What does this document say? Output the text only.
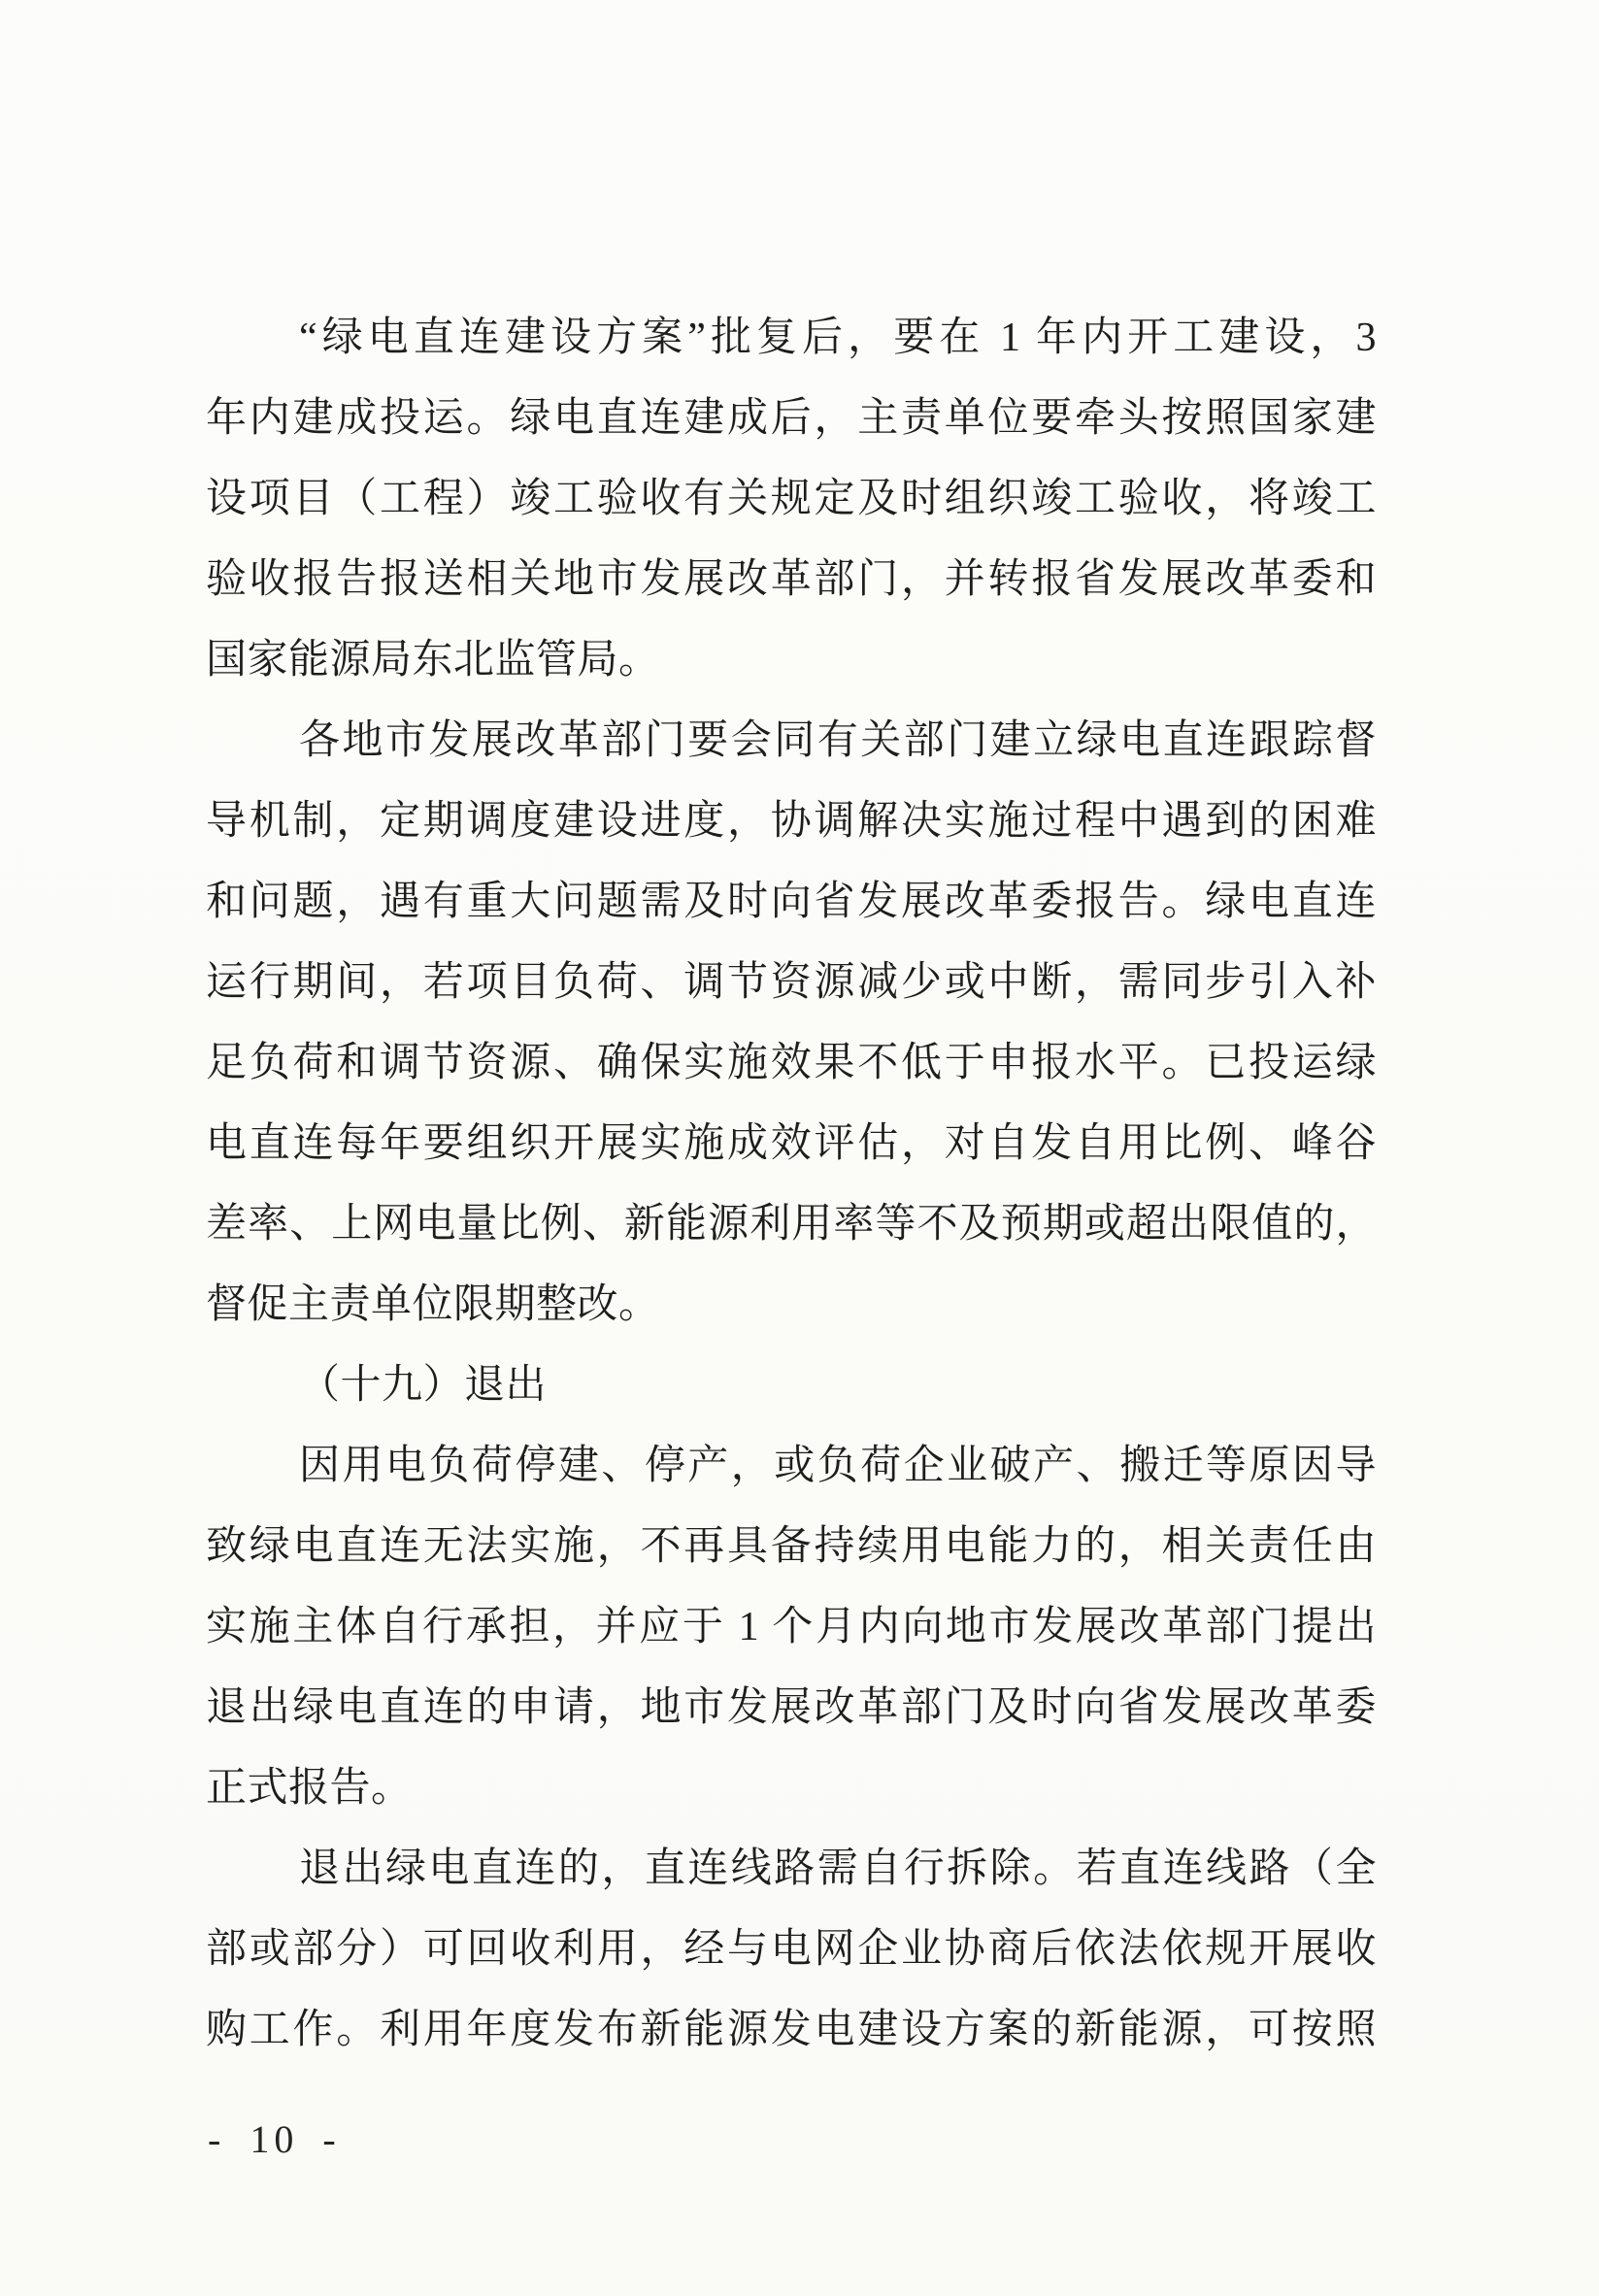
“绿电直连建设方案”批复后，要在 1 年内开工建设，3
年内建成投运。绿电直连建成后，主责单位要牵头按照国家建
设项目（工程）竣工验收有关规定及时组织竣工验收，将竣工
验收报告报送相关地市发展改革部门，并转报省发展改革委和
国家能源局东北监管局。
各地市发展改革部门要会同有关部门建立绿电直连跟踪督
导机制，定期调度建设进度，协调解决实施过程中遇到的困难
和问题，遇有重大问题需及时向省发展改革委报告。绿电直连
运行期间，若项目负荷、调节资源减少或中断，需同步引入补
足负荷和调节资源、确保实施效果不低于申报水平。已投运绿
电直连每年要组织开展实施成效评估，对自发自用比例、峰谷
差率、上网电量比例、新能源利用率等不及预期或超出限值的，
督促主责单位限期整改。
（十九）退出
因用电负荷停建、停产，或负荷企业破产、搬迁等原因导
致绿电直连无法实施，不再具备持续用电能力的，相关责任由
实施主体自行承担，并应于 1 个月内向地市发展改革部门提出
退出绿电直连的申请，地市发展改革部门及时向省发展改革委
正式报告。
退出绿电直连的，直连线路需自行拆除。若直连线路（全
部或部分）可回收利用，经与电网企业协商后依法依规开展收
购工作。利用年度发布新能源发电建设方案的新能源，可按照
- 10 -
